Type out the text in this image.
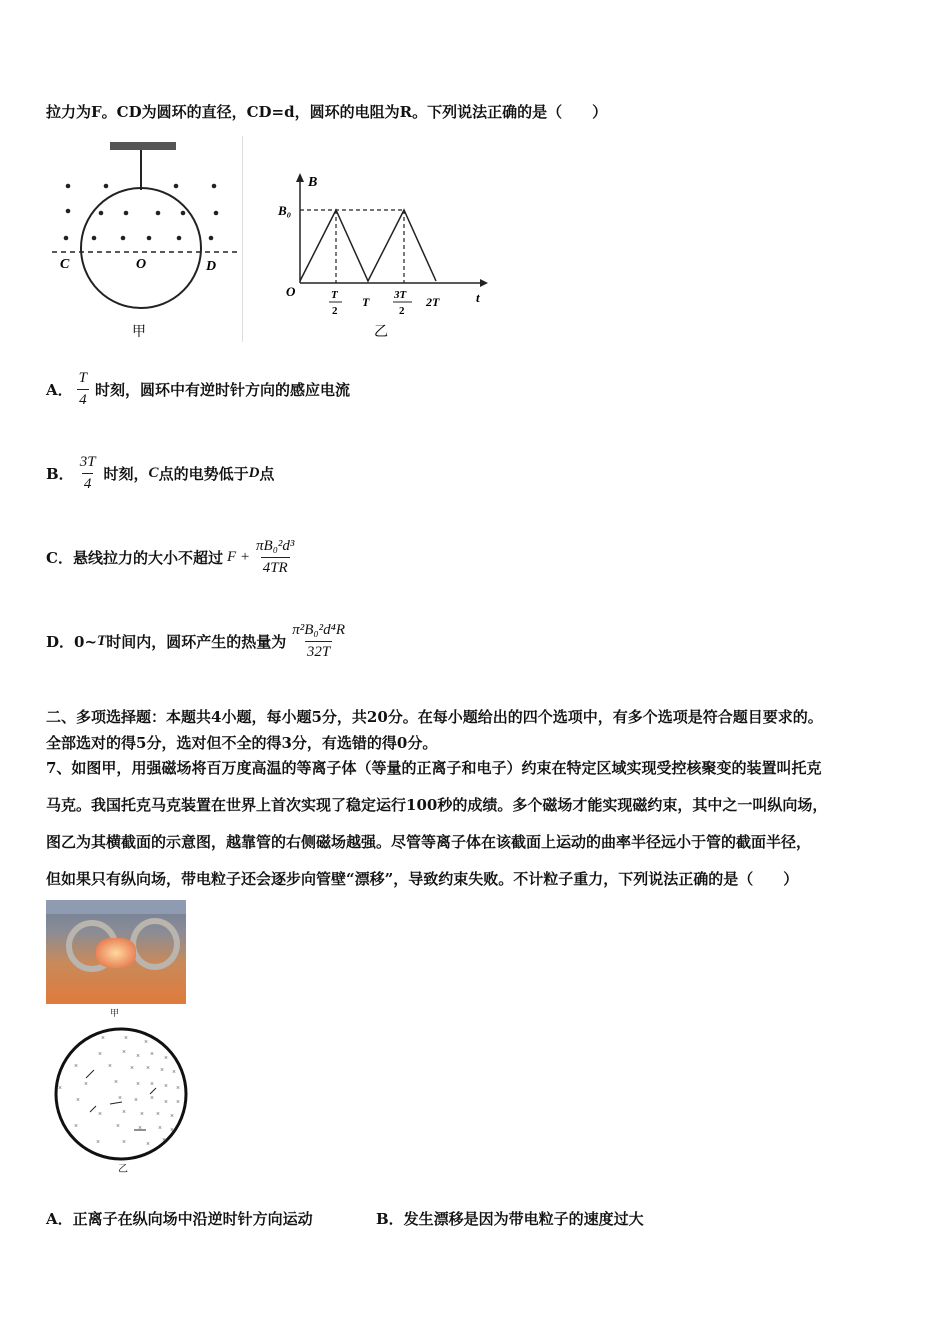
拉力为F。CD为圆环的直径，CD=d，圆环的电阻为R。下列说法正确的是（　　）
C	O	D
甲
B
B₀
O	t
T
2
T 3T
2
2T
乙
A． $\frac{T}{4}$ 时刻，圆环中有逆时针方向的感应电流
B． $\frac{3T}{4}$ 时刻， C 点的电势低于 D 点
C． 悬线拉力的大小不超过 $F + \frac{\text{πB₀²d³}}{4TR}$
D． 0~ T 时间内，圆环产生的热量为 $\frac{\text{π²B₀²d⁴R}}{32T}$
二、多项选择题：本题共4小题，每小题5分，共20分。在每小题给出的四个选项中，有多个选项是符合题目要求的。
全部选对的得5分，选对但不全的得3分，有选错的得0分。
7、如图甲，用强磁场将百万度高温的等离子体（等量的正离子和电子）约束在特定区域实现受控核聚变的装置叫托克
马克。我国托克马克装置在世界上首次实现了稳定运行100秒的成绩。多个磁场才能实现磁约束，其中之一叫纵向场，
图乙为其横截面的示意图，越靠管的右侧磁场越强。尽管等离子体在该截面上运动的曲率半径远小于管的截面半径，
但如果只有纵向场，带电粒子还会逐步向管壁“漂移”，导致约束失败。不计粒子重力，下列说法正确的是（　　）
甲
×	× ×
×	× × × ×
×	×	× × × ×
×	×	×	× × × ×
×	× × × × ×
×	× × × ×
×	×	× × ×
×	×	× ×
乙
A．正离子在纵向场中沿逆时针方向运动	B．发生漂移是因为带电粒子的速度过大
